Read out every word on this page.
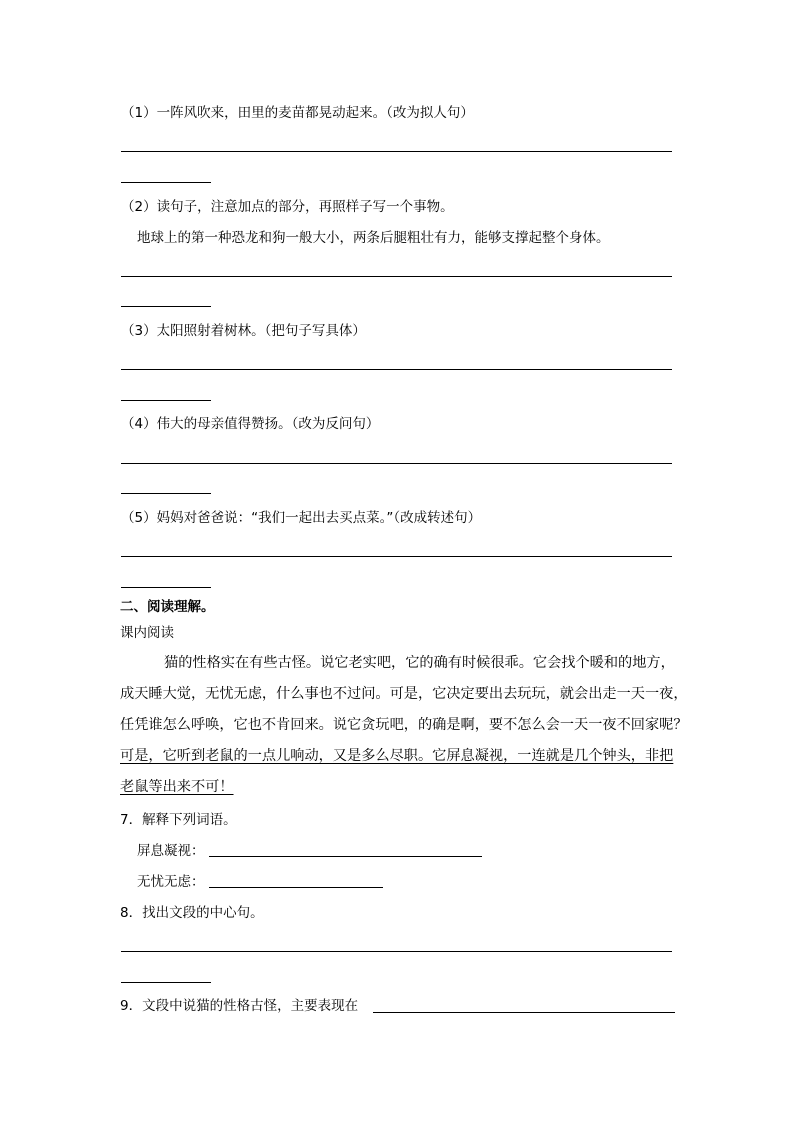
（1）一阵风吹来，田里的麦苗都晃动起来。（改为拟人句）
（2）读句子，注意加点的部分，再照样子写一个事物。
地球上的第一种恐龙和狗一般大小，两条后腿粗壮有力，能够支撑起整个身体。
（3）太阳照射着树林。（把句子写具体）
（4）伟大的母亲值得赞扬。（改为反问句）
（5）妈妈对爸爸说：“我们一起出去买点菜。”（改成转述句）
二、阅读理解。
课内阅读
猫的性格实在有些古怪。说它老实吧，它的确有时候很乖。它会找个暖和的地方，
成天睡大觉，无忧无虑，什么事也不过问。可是，它决定要出去玩玩，就会出走一天一夜，
任凭谁怎么呼唤，它也不肯回来。说它贪玩吧，的确是啊，要不怎么会一天一夜不回家呢？
可是，它听到老鼠的一点儿响动，又是多么尽职。它屏息凝视，一连就是几个钟头，非把
老鼠等出来不可！
7．解释下列词语。
屏息凝视：
无忧无虑：
8．找出文段的中心句。
9．文段中说猫的性格古怪，主要表现在
